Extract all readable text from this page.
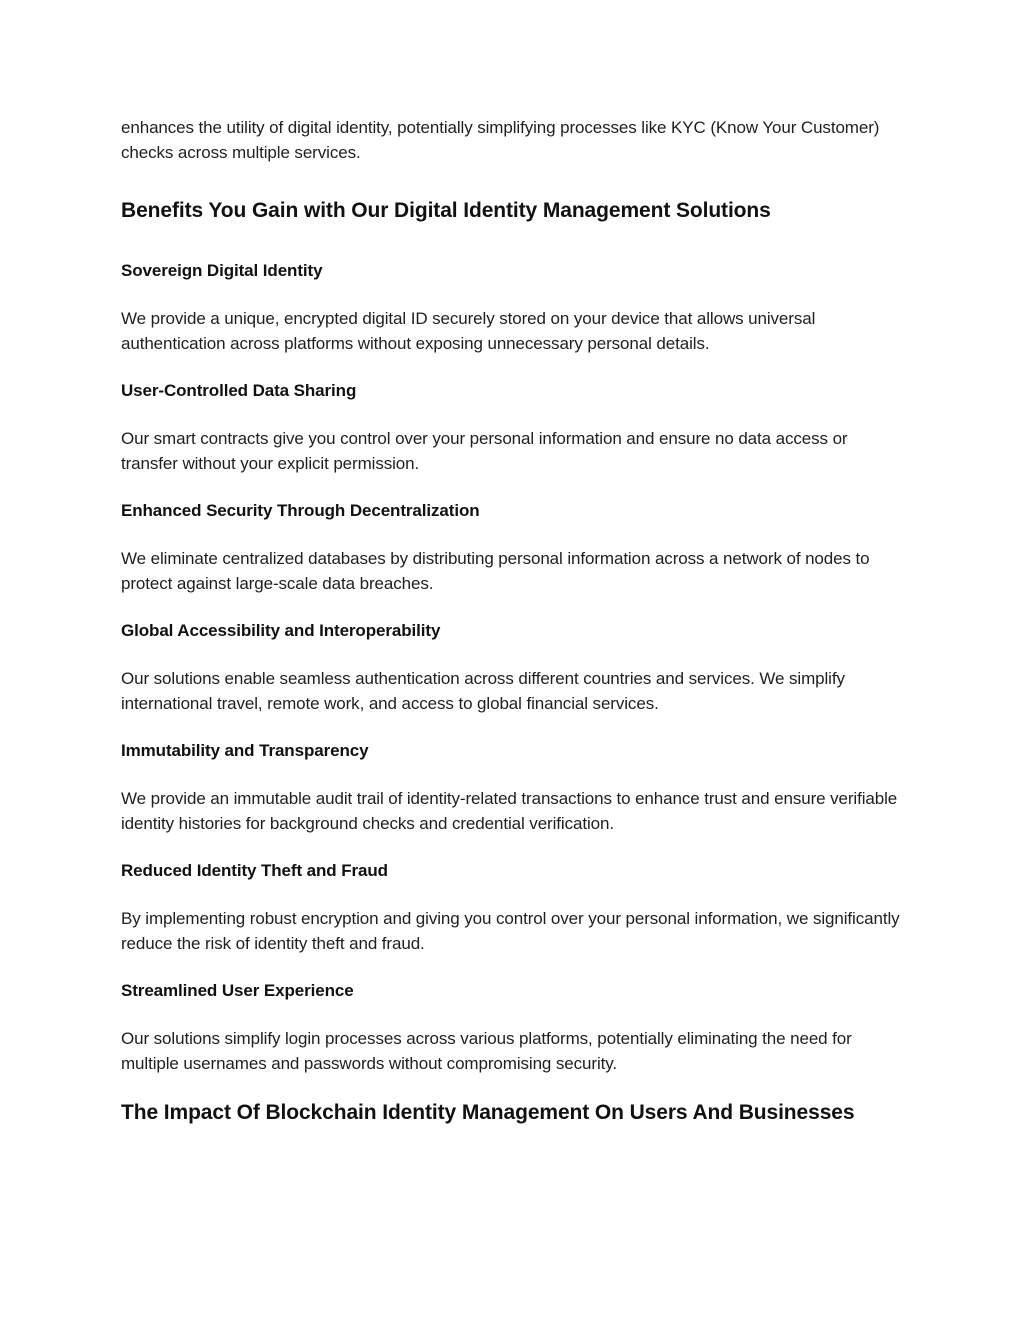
enhances the utility of digital identity, potentially simplifying processes like KYC (Know Your Customer) checks across multiple services.

Benefits You Gain with Our Digital Identity Management Solutions
Sovereign Digital Identity

We provide a unique, encrypted digital ID securely stored on your device that allows universal authentication across platforms without exposing unnecessary personal details.

User-Controlled Data Sharing

Our smart contracts give you control over your personal information and ensure no data access or transfer without your explicit permission.

Enhanced Security Through Decentralization

We eliminate centralized databases by distributing personal information across a network of nodes to protect against large-scale data breaches.

Global Accessibility and Interoperability

Our solutions enable seamless authentication across different countries and services. We simplify international travel, remote work, and access to global financial services.

Immutability and Transparency

We provide an immutable audit trail of identity-related transactions to enhance trust and ensure verifiable identity histories for background checks and credential verification.

Reduced Identity Theft and Fraud

By implementing robust encryption and giving you control over your personal information, we significantly reduce the risk of identity theft and fraud.

Streamlined User Experience

Our solutions simplify login processes across various platforms, potentially eliminating the need for multiple usernames and passwords without compromising security.

The Impact Of Blockchain Identity Management On Users And Businesses
